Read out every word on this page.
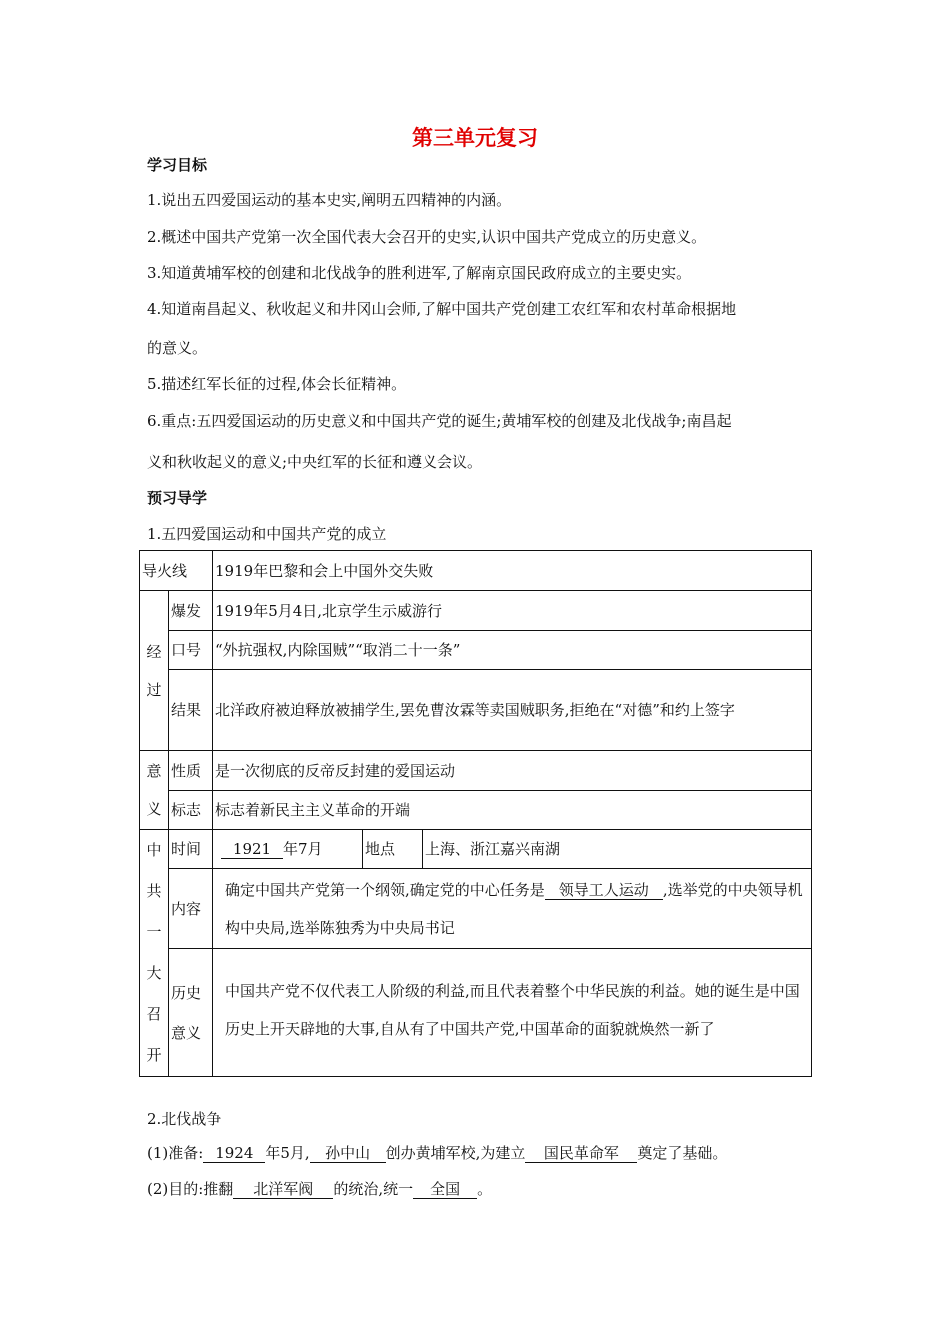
第三单元复习
学习目标
1.说出五四爱国运动的基本史实,阐明五四精神的内涵。
2.概述中国共产党第一次全国代表大会召开的史实,认识中国共产党成立的历史意义。
3.知道黄埔军校的创建和北伐战争的胜利进军,了解南京国民政府成立的主要史实。
4.知道南昌起义、秋收起义和井冈山会师,了解中国共产党创建工农红军和农村革命根据地
的意义。
5.描述红军长征的过程,体会长征精神。
6.重点:五四爱国运动的历史意义和中国共产党的诞生;黄埔军校的创建及北伐战争;南昌起
义和秋收起义的意义;中央红军的长征和遵义会议。
预习导学
1.五四爱国运动和中国共产党的成立
导火线		1919年巴黎和会上中国外交失败		
经过	爆发	1919年5月4日,北京学生示威游行		
	口号	“外抗强权,内除国贼”“取消二十一条”		
	结果	北洋政府被迫释放被捕学生,罢免曹汝霖等卖国贼职务,拒绝在“对德”和约上签字		
意义	性质	是一次彻底的反帝反封建的爱国运动		
	标志	标志着新民主主义革命的开端		
中共一大召开	时间	1921 年7月	地点	上海、浙江嘉兴南湖
	内容	确定中国共产党第一个纲领,确定党的中心任务是 领导工人运动 ,选举党的中央领导机构中央局,选举陈独秀为中央局书记		
	历史意义	中国共产党不仅代表工人阶级的利益,而且代表着整个中华民族的利益。她的诞生是中国历史上开天辟地的大事,自从有了中国共产党,中国革命的面貌就焕然一新了		
2.北伐战争
(1)准备: 1924 年5月, 孙中山 创办黄埔军校,为建立 国民革命军 奠定了基础。
(2)目的:推翻 北洋军阀 的统治,统一 全国 。
